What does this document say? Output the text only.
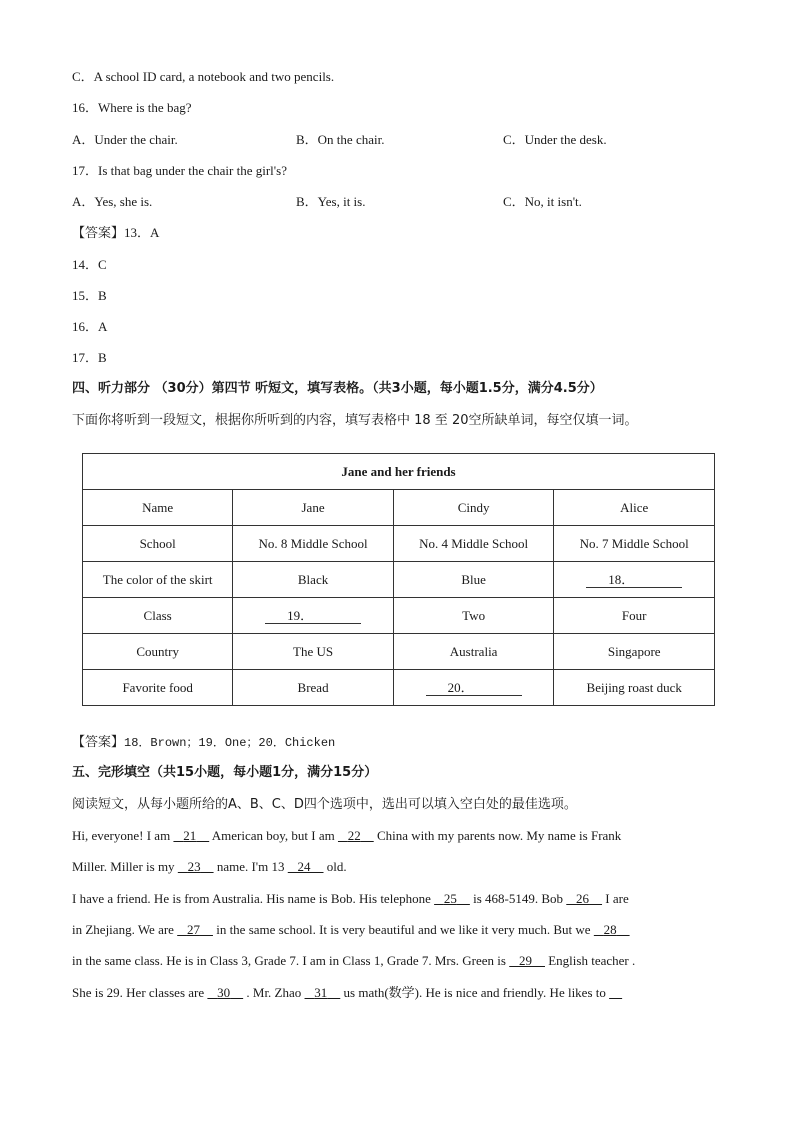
C．A school ID card, a notebook and two pencils.
16．Where is the bag?
A．Under the chair.	B．On the chair.	C．Under the desk.
17．Is that bag under the chair the girl's?
A．Yes, she is.	B．Yes, it is.	C．No, it isn't.
【答案】13．A
14．C
15．B
16．A
17．B
四、听力部分 （30分）第四节 听短文，填写表格。（共3小题，每小题1.5分，满分4.5分）
下面你将听到一段短文，根据你所听到的内容，填写表格中 18 至 20空所缺单词，每空仅填一词。
Jane and her friends			
Name	Jane	Cindy	Alice
School	No. 8 Middle School	No. 4 Middle School	No. 7 Middle School
The color of the skirt	Black	Blue	18．
Class	19．	Two	Four
Country	The US	Australia	Singapore
Favorite food	Bread	20．	Beijing roast duck
【答案】18．Brown；19．One；20．Chicken
五、完形填空（共15小题，每小题1分，满分15分）
阅读短文，从每小题所给的A、B、C、D四个选项中，选出可以填入空白处的最佳选项。
Hi, everyone! I am 21 American boy, but I am 22 China with my parents now. My name is Frank
Miller. Miller is my 23 name. I'm 13 24 old.
I have a friend. He is from Australia. His name is Bob. His telephone 25 is 468-5149. Bob 26 I are
in Zhejiang. We are 27 in the same school. It is very beautiful and we like it very much. But we 28
in the same class. He is in Class 3, Grade 7. I am in Class 1, Grade 7. Mrs. Green is 29 English teacher .
She is 29. Her classes are 30 . Mr. Zhao 31 us math(数学). He is nice and friendly. He likes to
